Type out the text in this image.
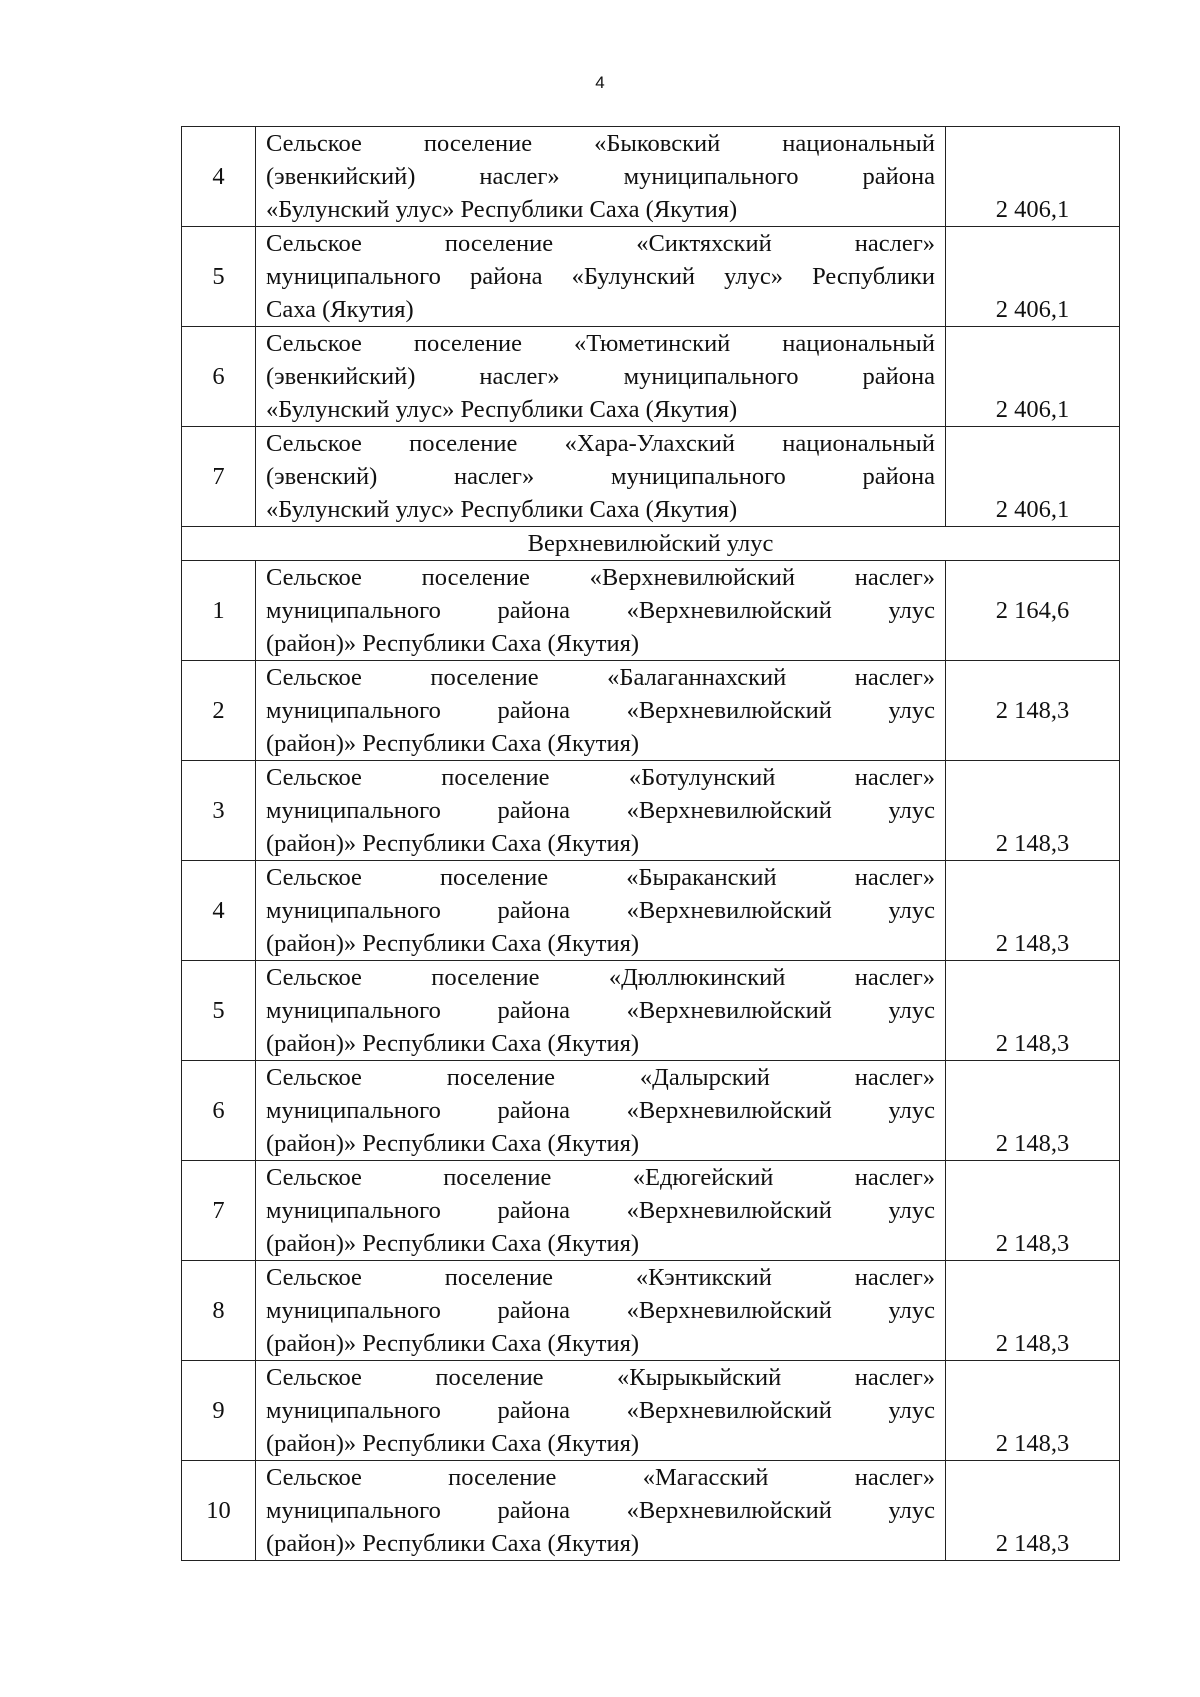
4
4	Сельское поселение «Быковский национальный
(эвенкийский) наслег» муниципального района
«Булунский улус» Республики Саха (Якутия)	2 406,1
5	Сельское поселение «Сиктяхский наслег»
муниципального района «Булунский улус» Республики
Саха (Якутия)	2 406,1
6	Сельское поселение «Тюметинский национальный
(эвенкийский) наслег» муниципального района
«Булунский улус» Республики Саха (Якутия)	2 406,1
7	Сельское поселение «Хара-Улахский национальный
(эвенский) наслег» муниципального района
«Булунский улус» Республики Саха (Якутия)	2 406,1
Верхневилюйский улус		
1	Сельское поселение «Верхневилюйский наслег»
муниципального района «Верхневилюйский улус
(район)» Республики Саха (Якутия)	2 164,6
2	Сельское поселение «Балаганнахский наслег»
муниципального района «Верхневилюйский улус
(район)» Республики Саха (Якутия)	2 148,3
3	Сельское поселение «Ботулунский наслег»
муниципального района «Верхневилюйский улус
(район)» Республики Саха (Якутия)	2 148,3
4	Сельское поселение «Быраканский наслег»
муниципального района «Верхневилюйский улус
(район)» Республики Саха (Якутия)	2 148,3
5	Сельское поселение «Дюллюкинский наслег»
муниципального района «Верхневилюйский улус
(район)» Республики Саха (Якутия)	2 148,3
6	Сельское поселение «Далырский наслег»
муниципального района «Верхневилюйский улус
(район)» Республики Саха (Якутия)	2 148,3
7	Сельское поселение «Едюгейский наслег»
муниципального района «Верхневилюйский улус
(район)» Республики Саха (Якутия)	2 148,3
8	Сельское поселение «Кэнтикский наслег»
муниципального района «Верхневилюйский улус
(район)» Республики Саха (Якутия)	2 148,3
9	Сельское поселение «Кырыкыйский наслег»
муниципального района «Верхневилюйский улус
(район)» Республики Саха (Якутия)	2 148,3
10	Сельское поселение «Магасский наслег»
муниципального района «Верхневилюйский улус
(район)» Республики Саха (Якутия)	2 148,3
